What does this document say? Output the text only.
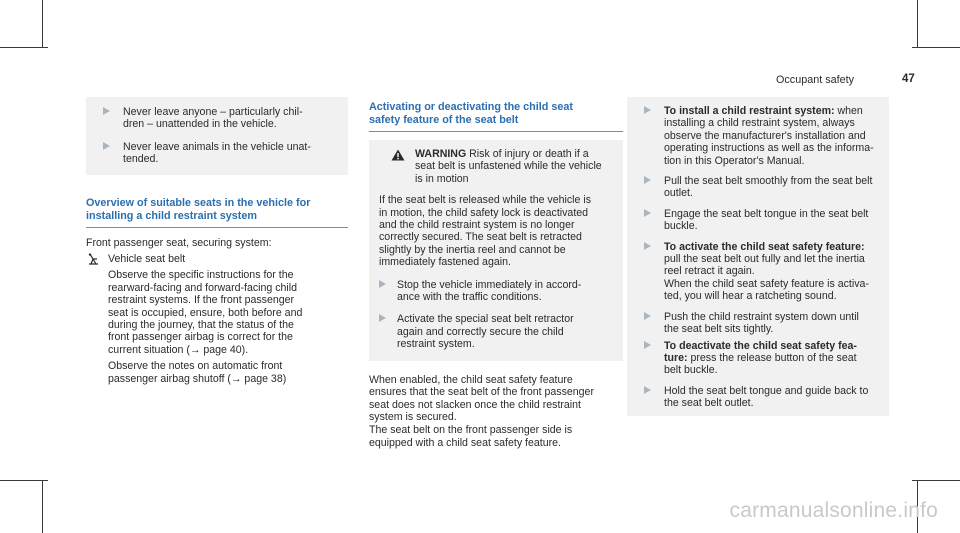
Occupant safety	47
Never leave anyone – particularly chil-
dren – unattended in the vehicle.
Never leave animals in the vehicle unat-
tended.
Overview of suitable seats in the vehicle for
installing a child restraint system

Front passenger seat, securing system:

Vehicle seat belt

Observe the specific instructions for the
rearward-facing and forward-facing child
restraint systems. If the front passenger
seat is occupied, ensure, both before and
during the journey, that the status of the
front passenger airbag is correct for the
current situation (→ page 40).

Observe the notes on automatic front
passenger airbag shutoff (→ page 38)

Activating or deactivating the child seat
safety feature of the seat belt
WARNING Risk of injury or death if a
seat belt is unfastened while the vehicle
is in motion

If the seat belt is released while the vehicle is
in motion, the child safety lock is deactivated
and the child restraint system is no longer
correctly secured. The seat belt is retracted
slightly by the inertia reel and cannot be
immediately fastened again.

Stop the vehicle immediately in accord-
ance with the traffic conditions.
Activate the special seat belt retractor
again and correctly secure the child
restraint system.

When enabled, the child seat safety feature
ensures that the seat belt of the front passenger
seat does not slacken once the child restraint
system is secured.

The seat belt on the front passenger side is
equipped with a child seat safety feature.

To install a child restraint system: when
installing a child restraint system, always
observe the manufacturer's installation and
operating instructions as well as the informa-
tion in this Operator's Manual.
Pull the seat belt smoothly from the seat belt
outlet.
Engage the seat belt tongue in the seat belt
buckle.
To activate the child seat safety feature:
pull the seat belt out fully and let the inertia
reel retract it again.
When the child seat safety feature is activa-
ted, you will hear a ratcheting sound.
Push the child restraint system down until
the seat belt sits tightly.
To deactivate the child seat safety fea-
ture: press the release button of the seat
belt buckle.
Hold the seat belt tongue and guide back to
the seat belt outlet.
carmanualsonline.info
